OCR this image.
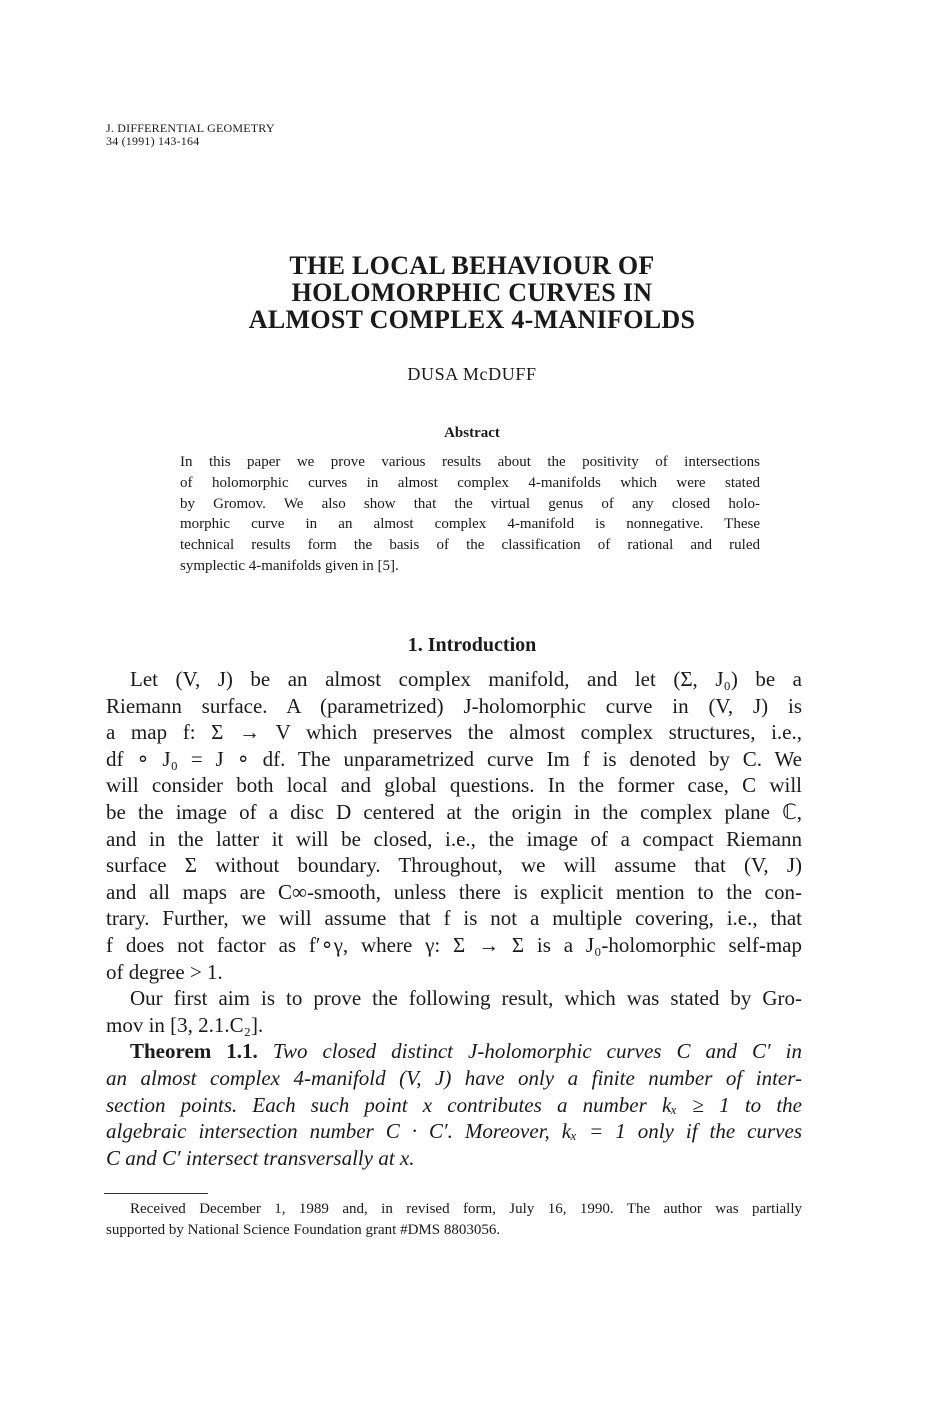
J. DIFFERENTIAL GEOMETRY
34 (1991) 143-164
THE LOCAL BEHAVIOUR OF
HOLOMORPHIC CURVES IN
ALMOST COMPLEX 4-MANIFOLDS
DUSA McDUFF
Abstract
In this paper we prove various results about the positivity of intersections
of holomorphic curves in almost complex 4-manifolds which were stated
by Gromov. We also show that the virtual genus of any closed holo-
morphic curve in an almost complex 4-manifold is nonnegative. These
technical results form the basis of the classification of rational and ruled
symplectic 4-manifolds given in [5].
1. Introduction
Let (V, J) be an almost complex manifold, and let (Σ, J₀) be a
Riemann surface. A (parametrized) J-holomorphic curve in (V, J) is
a map f: Σ → V which preserves the almost complex structures, i.e.,
df ∘ J₀ = J ∘ df. The unparametrized curve Im f is denoted by C. We
will consider both local and global questions. In the former case, C will
be the image of a disc D centered at the origin in the complex plane ℂ,
and in the latter it will be closed, i.e., the image of a compact Riemann
surface Σ without boundary. Throughout, we will assume that (V, J)
and all maps are C∞-smooth, unless there is explicit mention to the con-
trary. Further, we will assume that f is not a multiple covering, i.e., that
f does not factor as f′∘γ, where γ: Σ → Σ is a J₀-holomorphic self-map
of degree > 1.
Our first aim is to prove the following result, which was stated by Gro-
mov in [3, 2.1.C₂].
Theorem 1.1. Two closed distinct J-holomorphic curves C and C′ in
an almost complex 4-manifold (V, J) have only a finite number of inter-
section points. Each such point x contributes a number kₓ ≥ 1 to the
algebraic intersection number C · C′. Moreover, kₓ = 1 only if the curves
C and C′ intersect transversally at x.
Received December 1, 1989 and, in revised form, July 16, 1990. The author was partially
supported by National Science Foundation grant #DMS 8803056.
